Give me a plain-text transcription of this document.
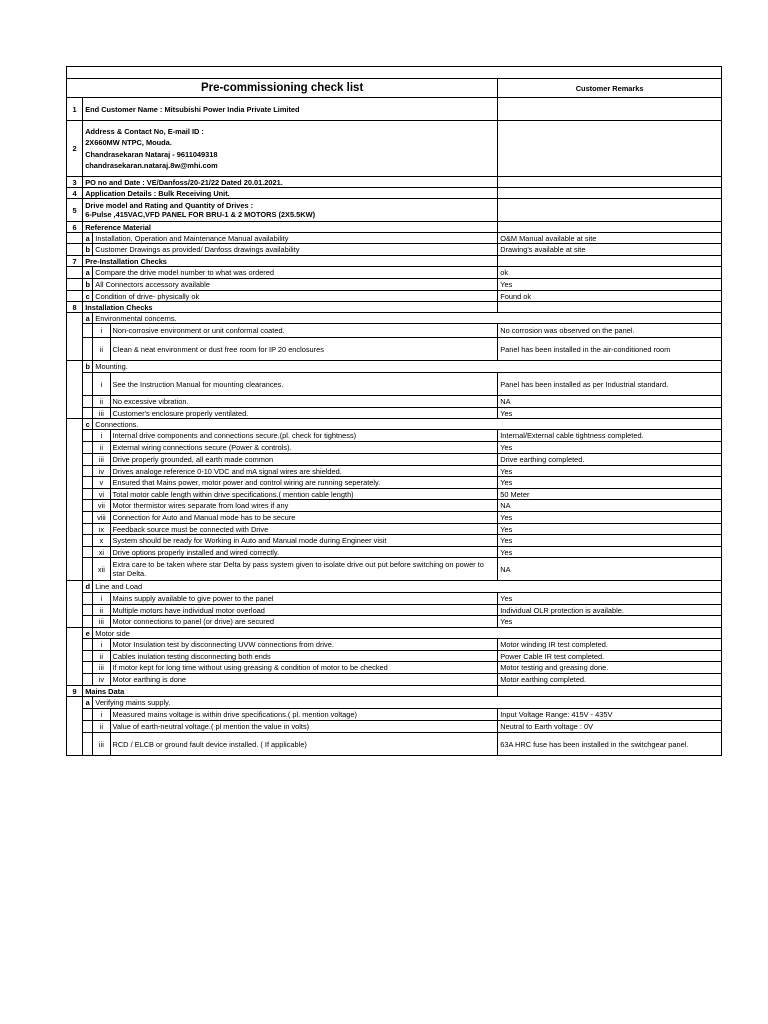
Pre-commissioning check list				Customer Remarks
1	End Customer Name : Mitsubishi Power India Private Limited			
2	Address & Contact No, E-mail ID :
2X660MW NTPC, Mouda.
Chandrasekaran Nataraj - 9611049318
chandrasekaran.nataraj.8w@mhi.com			

3	PO no and Date : VE/Danfoss/20-21/22 Dated 20.01.2021.			
4	Application Details : Bulk Receiving Unit.			
5	Drive model and Rating and Quantity of Drives :
6-Pulse ,415VAC,VFD PANEL FOR BRU-1 & 2 MOTORS (2X5.5KW)			

6	Reference Material			
	a	Installation, Operation and Maintenance Manual availability		O&M Manual available at site
	b	Customer Drawings as provided/ Danfoss drawings availability		Drawing's available at site
7	Pre-Installation Checks			
	a	Compare the drive model number to what was ordered		ok
	b	All Connectors accessory available		Yes
	c	Condition of drive- physically ok		Found ok
8	Installation Checks			
	a	Environmental concerns.		
		i	Non-corrosive environment or unit conformal coated.	No corrosion was observed on the panel.
		ii	Clean & neat environment or dust free room for IP 20 enclosures	Panel has been installed in the air-conditioned room
	b	Mounting.		
		i	See the Instruction Manual for mounting clearances.	Panel has been installed as per Industrial standard.
		ii	No excessive vibration.	NA
		iii	Customer's enclosure properly ventilated.	Yes
	c	Connections.		
		i	Internal drive components and connections secure.(pl. check for tightness)	Internal/External cable tightness completed.
		ii	External wiring connections secure (Power & controls).	Yes
		iii	Drive properly grounded, all earth made common	Drive earthing completed.
		iv	Drives analoge reference 0-10 VDC and mA signal wires are shielded.	Yes
		v	Ensured that Mains power, motor power and control wiring are running seperately.	Yes
		vi	Total motor cable length within drive specifications.( mention cable length)	50 Meter
		vii	Motor thermistor wires separate from load wires if any	NA
		viii	Connection for Auto and Manual mode has to be secure	Yes
		ix	Feedback source must be connected with Drive	Yes
		x	System should be ready for Working in Auto and Manual mode during Engineer visit	Yes
		xi	Drive options properly installed and wired correctly.	Yes
		xii	Extra care to be taken where star Delta by pass system given to isolate drive out put before switching on power to star Delta.	NA
	d	Line and Load		
		i	Mains supply available to give power to the panel	Yes
		ii	Multiple motors have individual motor overload	Individual OLR protection is available.
		iii	Motor connections to panel (or drive) are secured	Yes
	e	Motor side		
		i	Motor Insulation test by disconnecting UVW connections from drive.	Motor winding IR test completed.
		ii	Cables inulation testing disconnecting both ends	Power Cable IR test completed.
		iii	If motor kept for long time without using greasing & condition of motor to be checked	Motor testing and greasing done.
		iv	Motor earthing is done	Motor earthing completed.
9	Mains Data			
	a	Verifying mains supply.		
		i	Measured mains voltage is within drive specifications.( pl. mention voltage)	Input Voltage Range: 415V - 435V
		ii	Value of earth-neutral voltage.( pl mention the value in volts)	Neutral to Earth voltage : 0V
		iii	RCD / ELCB or ground fault device installed. ( If applicable)	63A HRC fuse has been installed in the switchgear panel.
